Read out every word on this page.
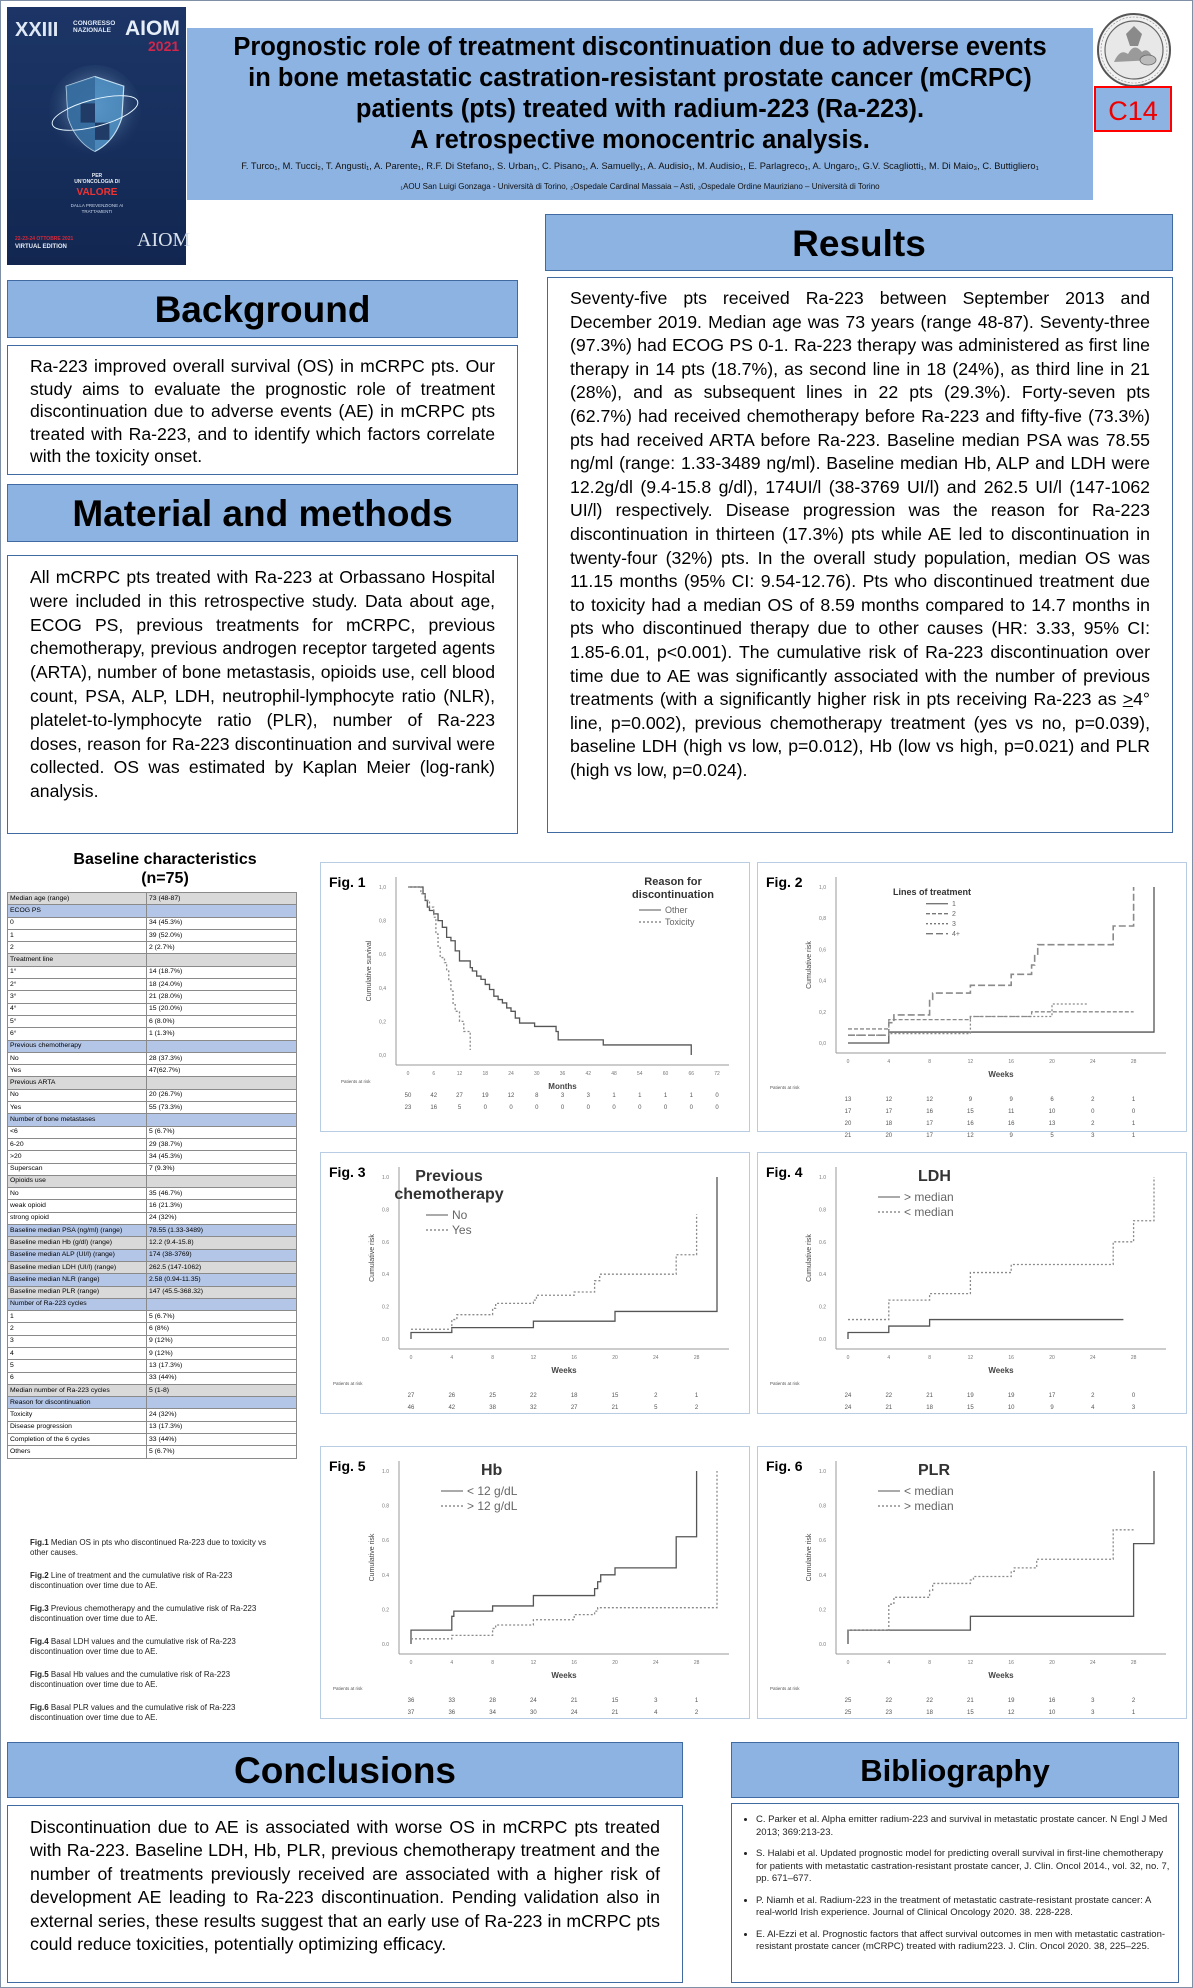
XXIII CONGRESSO
NAZIONALE AIOM
2021
PER
UN'ONCOLOGIA DI
VALORE
DALLA PREVENZIONE AI TRATTAMENTI
22-23-24 OTTOBRE 2021
VIRTUAL EDITION	AIOM
Prognostic role of treatment discontinuation due to adverse events
in bone metastatic castration-resistant prostate cancer (mCRPC)
patients (pts) treated with radium-223 (Ra-223).
A retrospective monocentric analysis.
F. Turco₁, M. Tucci₂, T. Angusti₁, A. Parente₁, R.F. Di Stefano₁, S. Urban₁, C. Pisano₁, A. Samuelly₁, A. Audisio₁, M. Audisio₁, E. Parlagreco₁, A. Ungaro₁, G.V. Scagliotti₁, M. Di Maio₃, C. Buttigliero₁
₁AOU San Luigi Gonzaga - Università di Torino, ₂Ospedale Cardinal Massaia – Asti, ₃Ospedale Ordine Mauriziano – Università di Torino
C14
Background
Ra-223 improved overall survival (OS) in mCRPC pts. Our study aims to evaluate the prognostic role of treatment discontinuation due to adverse events (AE) in mCRPC pts treated with Ra-223, and to identify which factors correlate with the toxicity onset.
Material and methods
All mCRPC pts treated with Ra-223 at Orbassano Hospital were included in this retrospective study. Data about age, ECOG PS, previous treatments for mCRPC, previous chemotherapy, previous androgen receptor targeted agents (ARTA), number of bone metastasis, opioids use, cell blood count, PSA, ALP, LDH, neutrophil-lymphocyte ratio (NLR), platelet-to-lymphocyte ratio (PLR), number of Ra-223 doses, reason for Ra-223 discontinuation and survival were collected. OS was estimated by Kaplan Meier (log-rank) analysis.
Results
Seventy-five pts received Ra-223 between September 2013 and December 2019. Median age was 73 years (range 48-87). Seventy-three (97.3%) had ECOG PS 0-1. Ra-223 therapy was administered as first line therapy in 14 pts (18.7%), as second line in 18 (24%), as third line in 21 (28%), and as subsequent lines in 22 pts (29.3%). Forty-seven pts (62.7%) had received chemotherapy before Ra-223 and fifty-five (73.3%) pts had received ARTA before Ra-223. Baseline median PSA was 78.55 ng/ml (range: 1.33-3489 ng/ml). Baseline median Hb, ALP and LDH were 12.2g/dl (9.4-15.8 g/dl), 174UI/l (38-3769 UI/l) and 262.5 UI/l (147-1062 UI/l) respectively. Disease progression was the reason for Ra-223 discontinuation in thirteen (17.3%) pts while AE led to discontinuation in twenty-four (32%) pts. In the overall study population, median OS was 11.15 months (95% CI: 9.54-12.76). Pts who discontinued treatment due to toxicity had a median OS of 8.59 months compared to 14.7 months in pts who discontinued therapy due to other causes (HR: 3.33, 95% CI: 1.85-6.01, p<0.001). The cumulative risk of Ra-223 discontinuation over time due to AE was significantly associated with the number of previous treatments (with a significantly higher risk in pts receiving Ra-223 as >4° line, p=0.002), previous chemotherapy treatment (yes vs no, p=0.039), baseline LDH (high vs low, p=0.012), Hb (low vs high, p=0.021) and PLR (high vs low, p=0.024).
Baseline characteristics
(n=75)
Median age (range)	73 (48-87)
ECOG PS	
0	34 (45.3%)
1	39 (52.0%)
2	2 (2.7%)
Treatment line	
1°	14 (18.7%)
2°	18 (24.0%)
3°	21 (28.0%)
4°	15 (20.0%)
5°	6 (8.0%)
6°	1 (1.3%)
Previous chemotherapy	
No	28 (37.3%)
Yes	47(62.7%)
Previous ARTA	
No	20 (26.7%)
Yes	55 (73.3%)
Number of bone metastases	
<6	5 (6.7%)
6-20	29 (38.7%)
>20	34 (45.3%)
Superscan	7 (9.3%)
Opioids use	
No	35 (46.7%)
weak opioid	16 (21.3%)
strong opioid	24 (32%)
Baseline median PSA (ng/ml) (range)	78.55 (1.33-3489)
Baseline median Hb (g/dl) (range)	12.2 (9.4-15.8)
Baseline median ALP (UI/l) (range)	174 (38-3769)
Baseline median LDH (UI/l) (range)	262.5 (147-1062)
Baseline median NLR (range)	2.58 (0.94-11.35)
Baseline median PLR (range)	147 (45.5-368.32)
Number of Ra-223 cycles	
1	5 (6.7%)
2	6 (8%)
3	9 (12%)
4	9 (12%)
5	13 (17.3%)
6	33 (44%)
Median number of Ra-223 cycles	5 (1-8)
Reason for discontinuation	
Toxicity	24 (32%)
Disease progression	13 (17.3%)
Completion of the 6 cycles	33 (44%)
Others	5 (6.7%)
Fig.1 Median OS in pts who discontinued Ra-223 due to toxicity vs other causes.
Fig.2 Line of treatment and the cumulative risk of Ra-223 discontinuation over time due to AE.
Fig.3 Previous chemotherapy and the cumulative risk of Ra-223 discontinuation over time due to AE.
Fig.4 Basal LDH values and the cumulative risk of Ra-223 discontinuation over time due to AE.
Fig.5 Basal Hb values and the cumulative risk of Ra-223 discontinuation over time due to AE.
Fig.6 Basal PLR values and the cumulative risk of Ra-223 discontinuation over time due to AE.
Fig. 1
0,0
0,2
0,4
0,6
0,8
1,0
0	6	12	18	24	30	36	42	48	54	60	66	72
Months
Cumulative survival
Patients at risk
50	42	27	19	12	8	3	3	1	1	1	1	0
23	16	5	0	0	0	0	0	0	0	0	0	0
Reason for
discontinuation
Other
Toxicity
Fig. 2
0,0
0,2
0,4
0,6
0,8
1,0
0	4	8	12	16	20	24	28
Weeks
Cumulative risk
Patients at risk
13	12	12	9	9	6	2	1
17	17	16	15	11	10	0	0
20	18	17	16	16	13	2	1
21	20	17	12	9	5	3	1
Lines of treatment
1
2
3
4+
Fig. 3
0.0
0.2
0.4
0.6
0.8
1.0
0	4	8	12	16	20	24	28
Weeks
Cumulative risk
Patients at risk
27	26	25	22	18	15	2	1
46	42	38	32	27	21	5	2
Previous
chemotherapy
No
Yes
Fig. 4
0.0
0.2
0.4
0.6
0.8
1.0
0	4	8	12	16	20	24	28
Weeks
Cumulative risk
Patients at risk
24	22	21	19	19	17	2	0
24	21	18	15	10	9	4	3
LDH
> median
< median
Fig. 5
0.0
0.2
0.4
0.6
0.8
1.0
0	4	8	12	16	20	24	28
Weeks
Cumulative risk
Patients at risk
36	33	28	24	21	15	3	1
37	36	34	30	24	21	4	2
Hb
< 12 g/dL
> 12 g/dL
Fig. 6
0.0
0.2
0.4
0.6
0.8
1.0
0	4	8	12	16	20	24	28
Weeks
Cumulative risk
Patients at risk
25	22	22	21	19	16	3	2
25	23	18	15	12	10	3	1
PLR
< median
> median
Conclusions
Discontinuation due to AE is associated with worse OS in mCRPC pts treated with Ra-223. Baseline LDH, Hb, PLR, previous chemotherapy treatment and the number of treatments previously received are associated with a higher risk of development AE leading to Ra-223 discontinuation. Pending validation also in external series, these results suggest that an early use of Ra-223 in mCRPC pts could reduce toxicities, potentially optimizing efficacy.
Bibliography
• C. Parker et al. Alpha emitter radium-223 and survival in metastatic prostate cancer. N Engl J Med 2013; 369:213-23.
• S. Halabi et al. Updated prognostic model for predicting overall survival in first-line chemotherapy for patients with metastatic castration-resistant prostate cancer, J. Clin. Oncol 2014., vol. 32, no. 7, pp. 671–677.
• P. Niamh et al. Radium-223 in the treatment of metastatic castrate-resistant prostate cancer: A real-world Irish experience. Journal of Clinical Oncology 2020. 38. 228-228.
• E. Al-Ezzi et al. Prognostic factors that affect survival outcomes in men with metastatic castration-resistant prostate cancer (mCRPC) treated with radium223. J. Clin. Oncol 2020. 38, 225–225.
